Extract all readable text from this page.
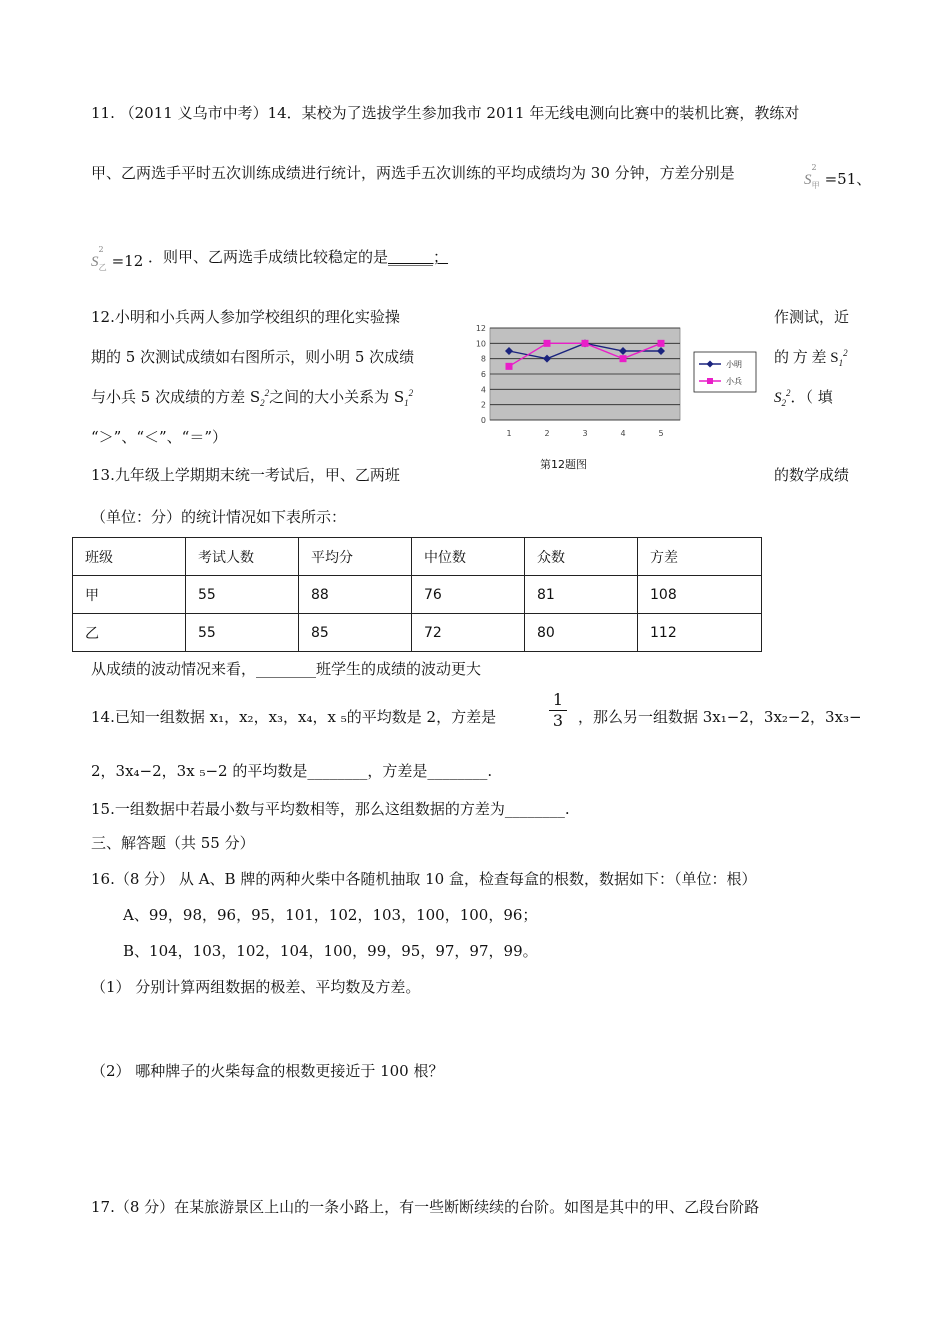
11. （2011 义乌市中考）14．某校为了选拔学生参加我市 2011 年无线电测向比赛中的装机比赛，教练对
甲、乙两选手平时五次训练成绩进行统计，两选手五次训练的平均成绩均为 30 分钟，方差分别是	$S^2_甲 =51$、
$S^2_乙 =12$ ．则甲、乙两选手成绩比较稳定的是______；
12.小明和小兵两人参加学校组织的理化实验操	作测试，近
期的 5 次测试成绩如右图所示，则小明 5 次成绩	的 方 差 $S_1^2$
与小兵 5 次成绩的方差 $S_2^2$之间的大小关系为 $S_1^2$	$S_2^2$．（ 填
“＞”、“＜”、“＝”）
0
2
4
6
8
10
12
1	2	3	4	5
小明
小兵
第12题图
13.九年级上学期期末统一考试后，甲、乙两班	的数学成绩
（单位：分）的统计情况如下表所示：
班级	考试人数	平均分	中位数	众数	方差
甲	55	88	76	81	108
乙	55	85	72	80	112
从成绩的波动情况来看，________班学生的成绩的波动更大
14.已知一组数据 x₁，x₂，x₃，x₄，x ₅的平均数是 2，方差是
1
3 ，那么另一组数据 3x₁−2，3x₂−2，3x₃−
2，3x₄−2，3x ₅−2 的平均数是________，方差是________.
15.一组数据中若最小数与平均数相等，那么这组数据的方差为________.
三、解答题（共 55 分）
16.（8 分） 从 A、B 牌的两种火柴中各随机抽取 10 盒，检查每盒的根数，数据如下：（单位：根）
A、99，98，96，95，101，102，103，100，100，96；
B、104，103，102，104，100，99，95，97，97，99。
（1） 分别计算两组数据的极差、平均数及方差。
（2） 哪种牌子的火柴每盒的根数更接近于 100 根？
17.（8 分）在某旅游景区上山的一条小路上，有一些断断续续的台阶。如图是其中的甲、乙段台阶路
